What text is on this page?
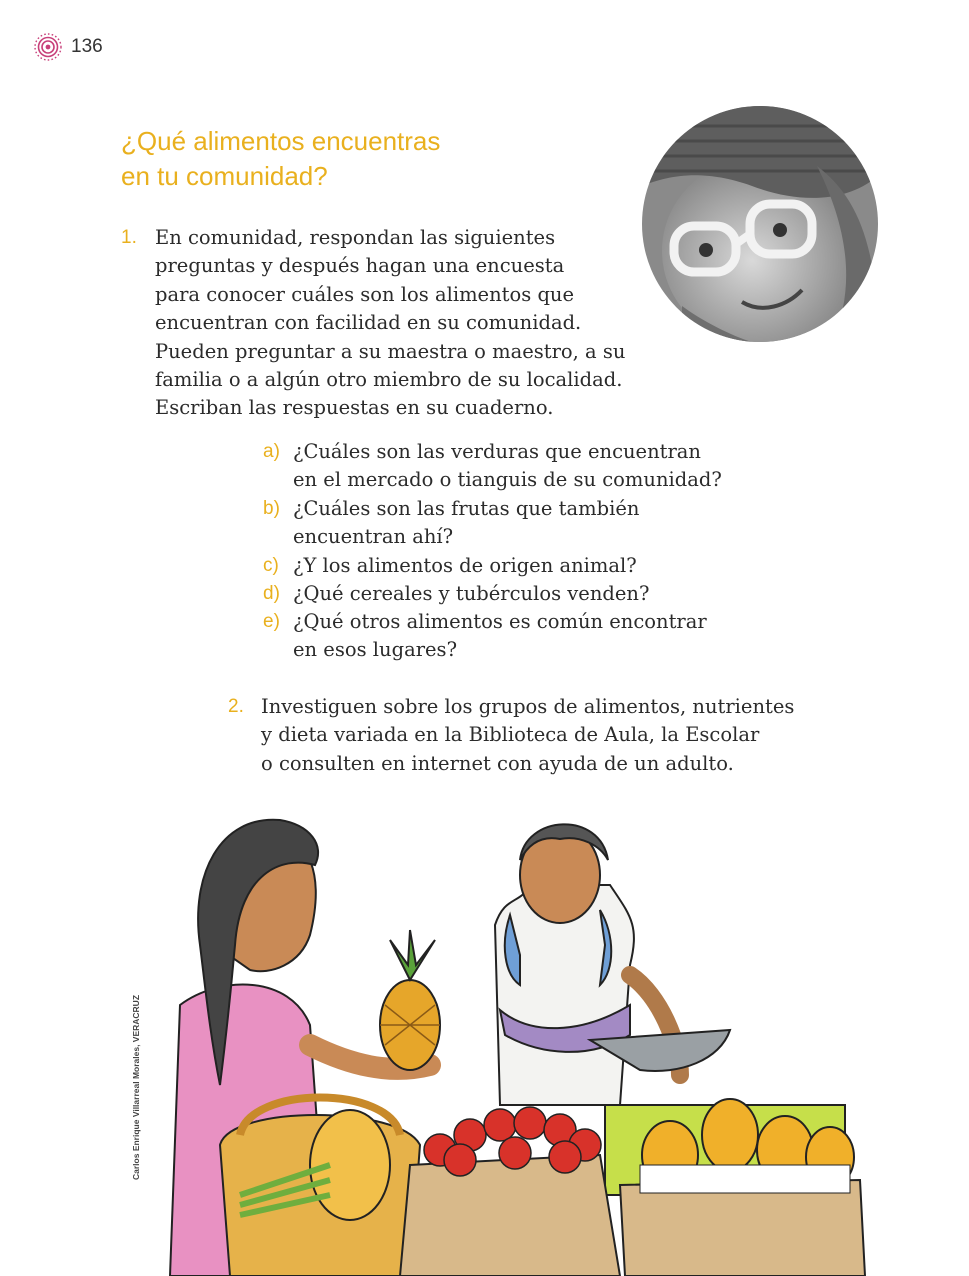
136
¿Qué alimentos encuentras
en tu comunidad?
1. En comunidad, respondan las siguientes
preguntas y después hagan una encuesta
para conocer cuáles son los alimentos que
encuentran con facilidad en su comunidad.
Pueden preguntar a su maestra o maestro, a su
familia o a algún otro miembro de su localidad.
Escriban las respuestas en su cuaderno.
a) ¿Cuáles son las verduras que encuentran
en el mercado o tianguis de su comunidad?
b) ¿Cuáles son las frutas que también
encuentran ahí?
c) ¿Y los alimentos de origen animal?
d) ¿Qué cereales y tubérculos venden?
e) ¿Qué otros alimentos es común encontrar
en esos lugares?
2. Investiguen sobre los grupos de alimentos, nutrientes
y dieta variada en la Biblioteca de Aula, la Escolar
o consulten en internet con ayuda de un adulto.
Carlos Enrique Villarreal Morales, VERACRUZ
